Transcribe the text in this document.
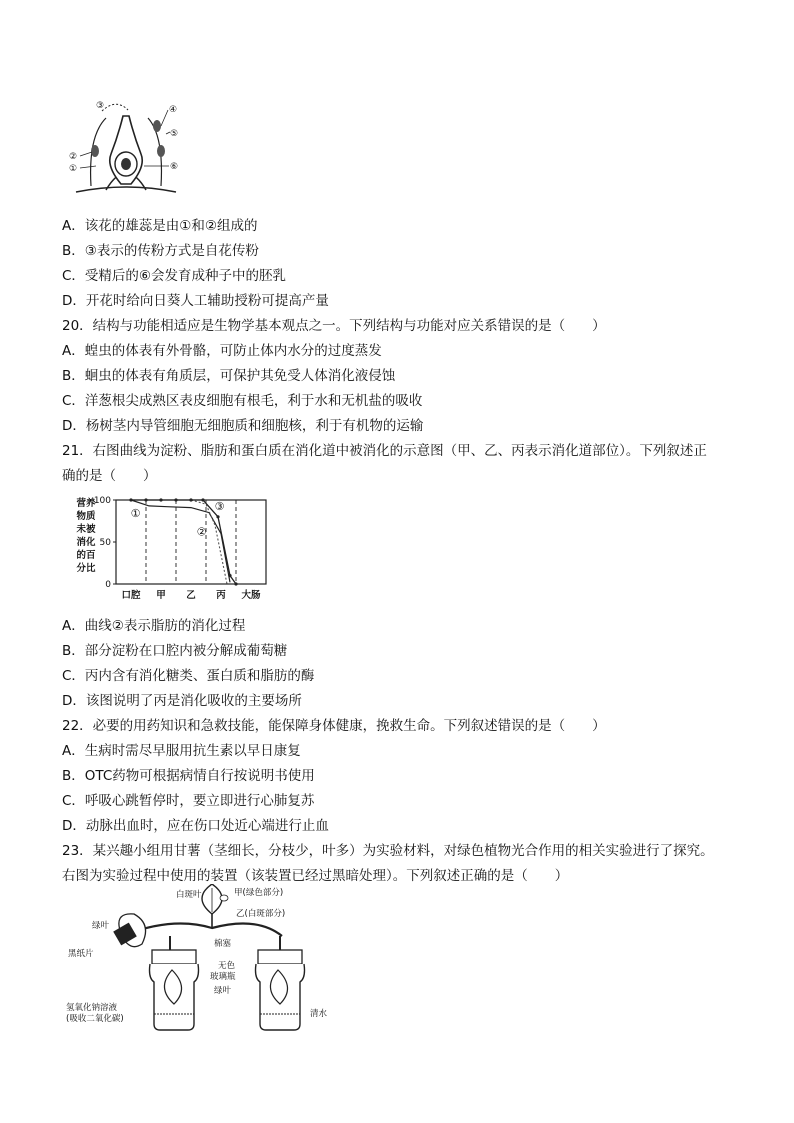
③	④
⑤
⑥
②
①
A．该花的雄蕊是由①和②组成的
B．③表示的传粉方式是自花传粉
C．受精后的⑥会发育成种子中的胚乳
D．开花时给向日葵人工辅助授粉可提高产量
20．结构与功能相适应是生物学基本观点之一。下列结构与功能对应关系错误的是（　　）
A．蝗虫的体表有外骨骼，可防止体内水分的过度蒸发
B．蛔虫的体表有角质层，可保护其免受人体消化液侵蚀
C．洋葱根尖成熟区表皮细胞有根毛，利于水和无机盐的吸收
D．杨树茎内导管细胞无细胞质和细胞核，利于有机物的运输
21．右图曲线为淀粉、脂肪和蛋白质在消化道中被消化的示意图（甲、乙、丙表示消化道部位）。下列叙述正
确的是（　　）
100
50
0
营养
物质
未被
消化
的百
分比
口腔 甲 乙 丙 大肠
①
②
③
A．曲线②表示脂肪的消化过程
B．部分淀粉在口腔内被分解成葡萄糖
C．丙内含有消化糖类、蛋白质和脂肪的酶
D．该图说明了丙是消化吸收的主要场所
22．必要的用药知识和急救技能，能保障身体健康，挽救生命。下列叙述错误的是（　　）
A．生病时需尽早服用抗生素以早日康复
B．OTC药物可根据病情自行按说明书使用
C．呼吸心跳暂停时，要立即进行心肺复苏
D．动脉出血时，应在伤口处近心端进行止血
23．某兴趣小组用甘薯（茎细长，分枝少，叶多）为实验材料，对绿色植物光合作用的相关实验进行了探究。
右图为实验过程中使用的装置（该装置已经过黑暗处理）。下列叙述正确的是（　　）
甲(绿色部分)
白斑叶
乙(白斑部分)
绿叶
黑纸片
棉塞
无色
玻璃瓶
绿叶
氢氧化钠溶液
(吸收二氧化碳)	清水
